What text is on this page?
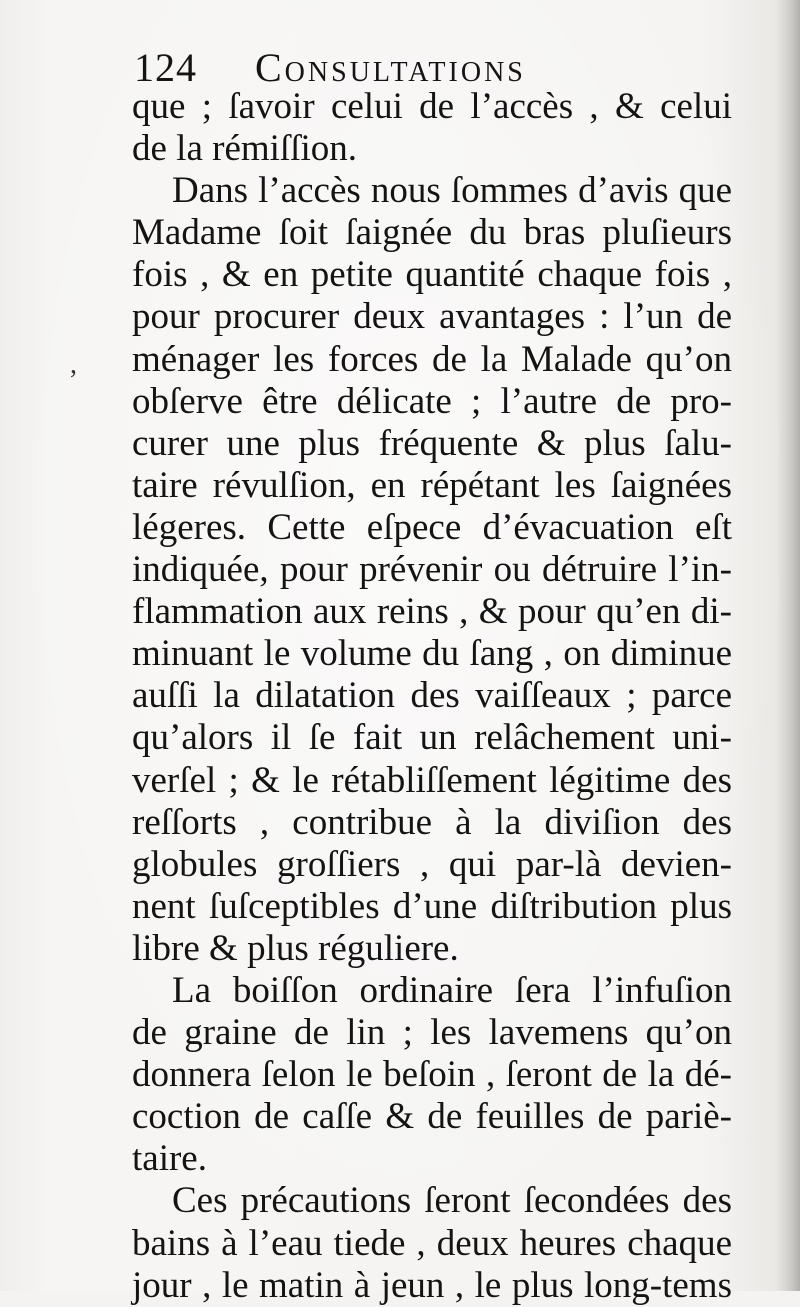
124 Consultations
,
que ; ſavoir celui de l’accès , & celui
de la rémiſſion.
Dans l’accès nous ſommes d’avis que
Madame ſoit ſaignée du bras pluſieurs
fois , & en petite quantité chaque fois ,
pour procurer deux avantages : l’un de
ménager les forces de la Malade qu’on
obſerve être délicate ; l’autre de pro-
curer une plus fréquente & plus ſalu-
taire révulſion, en répétant les ſaignées
légeres. Cette eſpece d’évacuation eſt
indiquée, pour prévenir ou détruire l’in-
flammation aux reins , & pour qu’en di-
minuant le volume du ſang , on diminue
auſſi la dilatation des vaiſſeaux ; parce
qu’alors il ſe fait un relâchement uni-
verſel ; & le rétabliſſement légitime des
reſſorts , contribue à la diviſion des
globules groſſiers , qui par-là devien-
nent ſuſceptibles d’une diſtribution plus
libre & plus réguliere.
La boiſſon ordinaire ſera l’infuſion
de graine de lin ; les lavemens qu’on
donnera ſelon le beſoin , ſeront de la dé-
coction de caſſe & de feuilles de pariè-
taire.
Ces précautions ſeront ſecondées des
bains à l’eau tiede , deux heures chaque
jour , le matin à jeun , le plus long-tems
